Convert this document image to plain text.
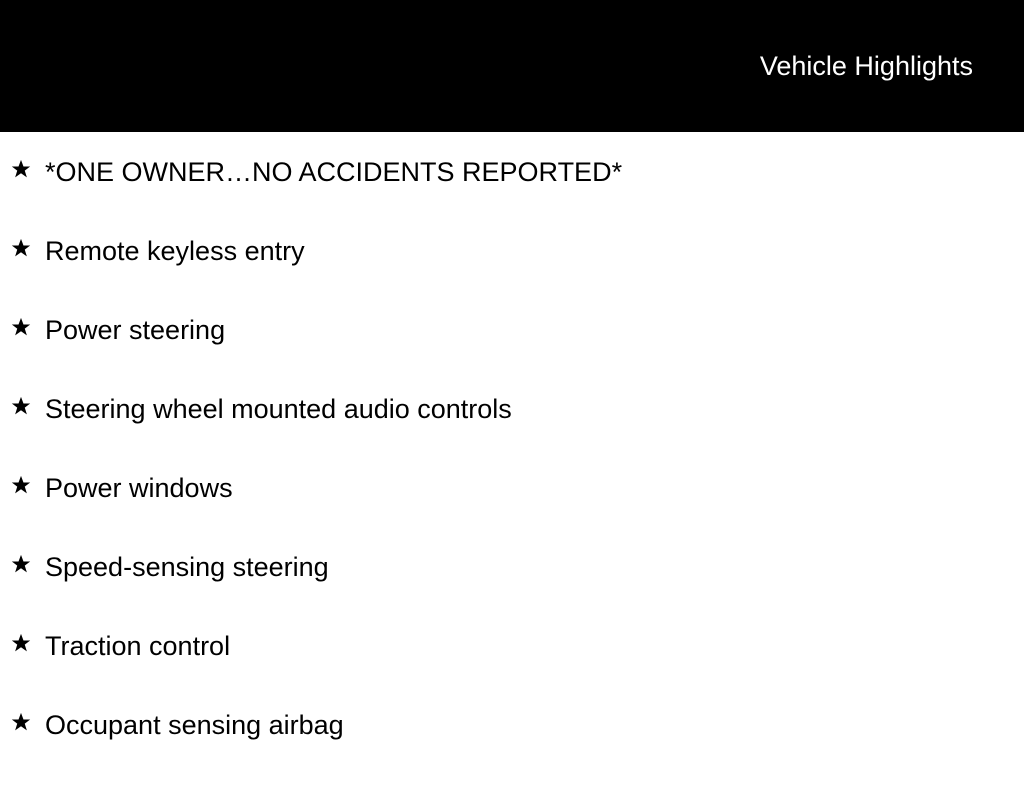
Vehicle Highlights
*ONE OWNER…NO ACCIDENTS REPORTED*
Remote keyless entry
Power steering
Steering wheel mounted audio controls
Power windows
Speed-sensing steering
Traction control
Occupant sensing airbag
